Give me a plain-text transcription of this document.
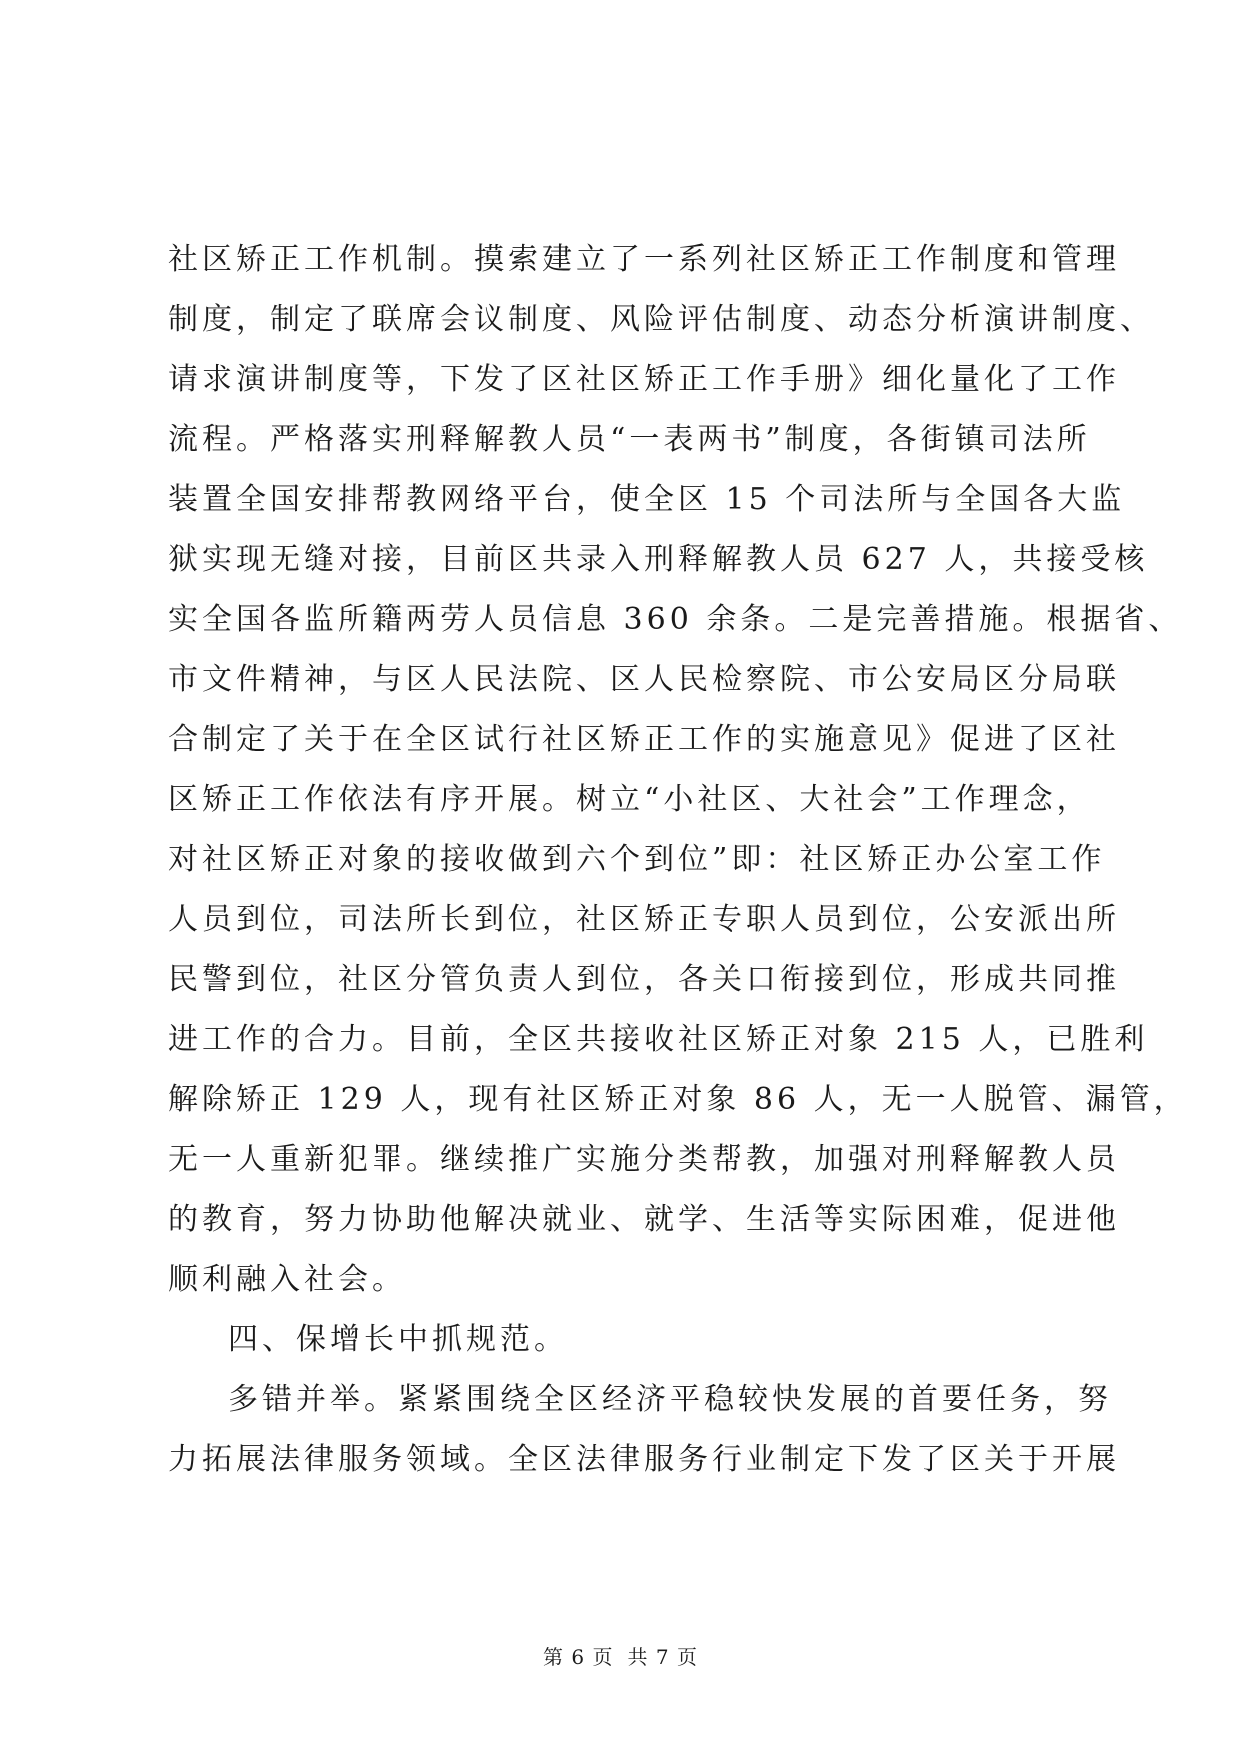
社区矫正工作机制。摸索建立了一系列社区矫正工作制度和管理
制度，制定了联席会议制度、风险评估制度、动态分析演讲制度、
请求演讲制度等，下发了区社区矫正工作手册》细化量化了工作
流程。严格落实刑释解教人员“一表两书”制度，各街镇司法所
装置全国安排帮教网络平台，使全区 15 个司法所与全国各大监
狱实现无缝对接，目前区共录入刑释解教人员 627 人，共接受核
实全国各监所籍两劳人员信息 360 余条。二是完善措施。根据省、
市文件精神，与区人民法院、区人民检察院、市公安局区分局联
合制定了关于在全区试行社区矫正工作的实施意见》促进了区社
区矫正工作依法有序开展。树立“小社区、大社会”工作理念，
对社区矫正对象的接收做到六个到位”即：社区矫正办公室工作
人员到位，司法所长到位，社区矫正专职人员到位，公安派出所
民警到位，社区分管负责人到位，各关口衔接到位，形成共同推
进工作的合力。目前，全区共接收社区矫正对象 215 人，已胜利
解除矫正 129 人，现有社区矫正对象 86 人，无一人脱管、漏管，
无一人重新犯罪。继续推广实施分类帮教，加强对刑释解教人员
的教育，努力协助他解决就业、就学、生活等实际困难，促进他
顺利融入社会。
四、保增长中抓规范。
多错并举。紧紧围绕全区经济平稳较快发展的首要任务，努
力拓展法律服务领域。全区法律服务行业制定下发了区关于开展
第 6 页 共 7 页
